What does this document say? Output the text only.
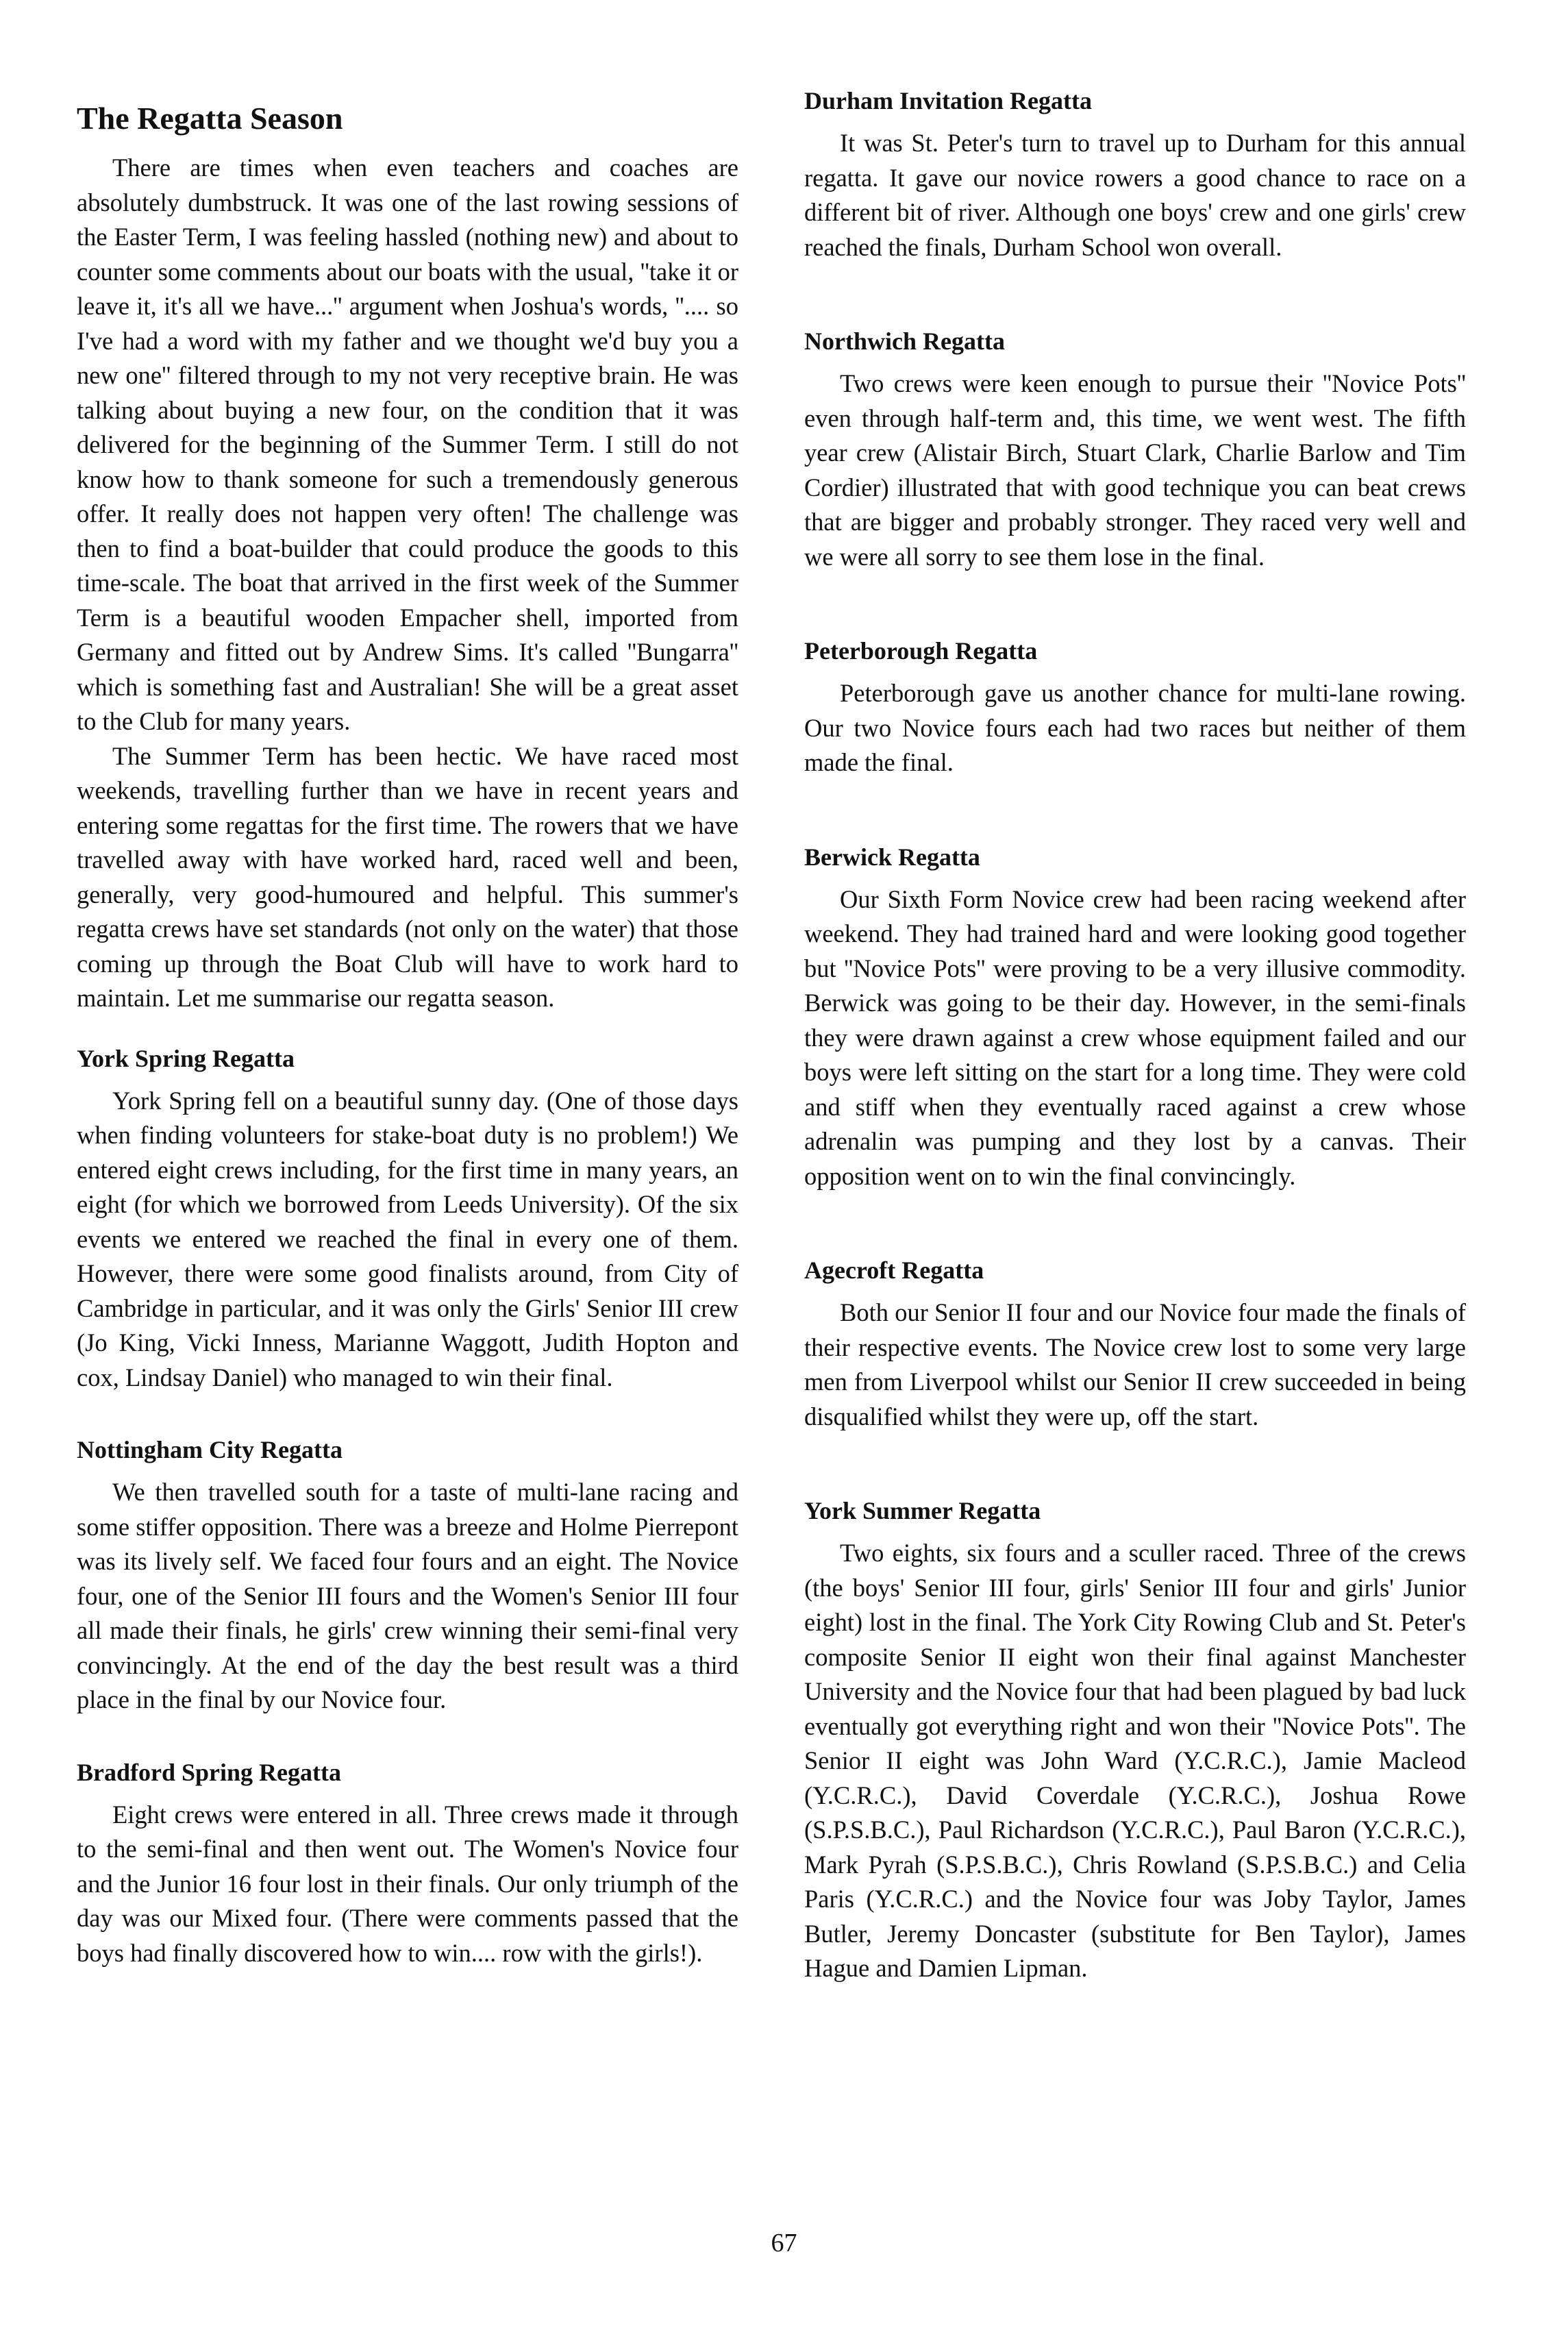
The Regatta Season

There are times when even teachers and coaches are absolutely dumbstruck. It was one of the last rowing sessions of the Easter Term, I was feeling hassled (nothing new) and about to counter some comments about our boats with the usual, ''take it or leave it, it's all we have...'' argument when Joshua's words, ''.... so I've had a word with my father and we thought we'd buy you a new one'' filtered through to my not very receptive brain. He was talking about buying a new four, on the condition that it was delivered for the beginning of the Summer Term. I still do not know how to thank someone for such a tremendously generous offer. It really does not happen very often! The challenge was then to find a boat-builder that could produce the goods to this time-scale. The boat that arrived in the first week of the Summer Term is a beautiful wooden Empacher shell, imported from Germany and fitted out by Andrew Sims. It's called ''Bungarra'' which is something fast and Australian! She will be a great asset to the Club for many years.

The Summer Term has been hectic. We have raced most weekends, travelling further than we have in recent years and entering some regattas for the first time. The rowers that we have travelled away with have worked hard, raced well and been, generally, very good-humoured and helpful. This summer's regatta crews have set standards (not only on the water) that those coming up through the Boat Club will have to work hard to maintain. Let me summarise our regatta season.

York Spring Regatta

York Spring fell on a beautiful sunny day. (One of those days when finding volunteers for stake-boat duty is no problem!) We entered eight crews including, for the first time in many years, an eight (for which we borrowed from Leeds University). Of the six events we entered we reached the final in every one of them. However, there were some good finalists around, from City of Cambridge in particular, and it was only the Girls' Senior III crew (Jo King, Vicki Inness, Marianne Waggott, Judith Hopton and cox, Lindsay Daniel) who managed to win their final.

Nottingham City Regatta

We then travelled south for a taste of multi-lane racing and some stiffer opposition. There was a breeze and Holme Pierrepont was its lively self. We faced four fours and an eight. The Novice four, one of the Senior III fours and the Women's Senior III four all made their finals, he girls' crew winning their semi-final very convincingly. At the end of the day the best result was a third place in the final by our Novice four.

Bradford Spring Regatta

Eight crews were entered in all. Three crews made it through to the semi-final and then went out. The Women's Novice four and the Junior 16 four lost in their finals. Our only triumph of the day was our Mixed four. (There were comments passed that the boys had finally discovered how to win.... row with the girls!).

Durham Invitation Regatta

It was St. Peter's turn to travel up to Durham for this annual regatta. It gave our novice rowers a good chance to race on a different bit of river. Although one boys' crew and one girls' crew reached the finals, Durham School won overall.

Northwich Regatta

Two crews were keen enough to pursue their ''Novice Pots'' even through half-term and, this time, we went west. The fifth year crew (Alistair Birch, Stuart Clark, Charlie Barlow and Tim Cordier) illustrated that with good technique you can beat crews that are bigger and probably stronger. They raced very well and we were all sorry to see them lose in the final.

Peterborough Regatta

Peterborough gave us another chance for multi-lane rowing. Our two Novice fours each had two races but neither of them made the final.

Berwick Regatta

Our Sixth Form Novice crew had been racing weekend after weekend. They had trained hard and were looking good together but ''Novice Pots'' were proving to be a very illusive commodity. Berwick was going to be their day. However, in the semi-finals they were drawn against a crew whose equipment failed and our boys were left sitting on the start for a long time. They were cold and stiff when they eventually raced against a crew whose adrenalin was pumping and they lost by a canvas. Their opposition went on to win the final convincingly.

Agecroft Regatta

Both our Senior II four and our Novice four made the finals of their respective events. The Novice crew lost to some very large men from Liverpool whilst our Senior II crew succeeded in being disqualified whilst they were up, off the start.

York Summer Regatta

Two eights, six fours and a sculler raced. Three of the crews (the boys' Senior III four, girls' Senior III four and girls' Junior eight) lost in the final. The York City Rowing Club and St. Peter's composite Senior II eight won their final against Manchester University and the Novice four that had been plagued by bad luck eventually got everything right and won their ''Novice Pots''. The Senior II eight was John Ward (Y.C.R.C.), Jamie Macleod (Y.C.R.C.), David Coverdale (Y.C.R.C.), Joshua Rowe (S.P.S.B.C.), Paul Richardson (Y.C.R.C.), Paul Baron (Y.C.R.C.), Mark Pyrah (S.P.S.B.C.), Chris Rowland (S.P.S.B.C.) and Celia Paris (Y.C.R.C.) and the Novice four was Joby Taylor, James Butler, Jeremy Doncaster (substitute for Ben Taylor), James Hague and Damien Lipman.

67
